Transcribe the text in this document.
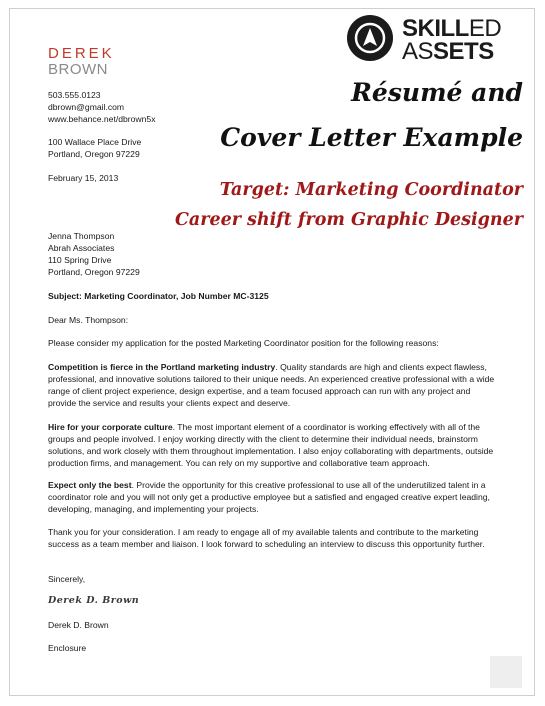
DEREK
BROWN
503.555.0123
dbrown@gmail.com
www.behance.net/dbrown5x
100 Wallace Place Drive
Portland, Oregon 97229
February 15, 2013
SKILLED
ASSETS
Résumé and
Cover Letter Example
Target: Marketing Coordinator
Career shift from Graphic Designer
Jenna Thompson
Abrah Associates
110 Spring Drive
Portland, Oregon 97229
Subject: Marketing Coordinator, Job Number MC-3125
Dear Ms. Thompson:
Please consider my application for the posted Marketing Coordinator position for the following reasons:
Competition is fierce in the Portland marketing industry. Quality standards are high and clients expect flawless, professional, and innovative solutions tailored to their unique needs. An experienced creative professional with a wide range of client project experience, design expertise, and a team focused approach can run with any project and provide the service and results your clients expect and deserve.
Hire for your corporate culture. The most important element of a coordinator is working effectively with all of the groups and people involved. I enjoy working directly with the client to determine their individual needs, brainstorm solutions, and work closely with them throughout implementation. I also enjoy collaborating with departments, outside production firms, and management. You can rely on my supportive and collaborative team approach.
Expect only the best. Provide the opportunity for this creative professional to use all of the underutilized talent in a coordinator role and you will not only get a productive employee but a satisfied and engaged creative expert leading, developing, managing, and implementing your projects.
Thank you for your consideration. I am ready to engage all of my available talents and contribute to the marketing success as a team member and liaison. I look forward to scheduling an interview to discuss this opportunity further.
Sincerely,
Derek D. Brown
Derek D. Brown
Enclosure
